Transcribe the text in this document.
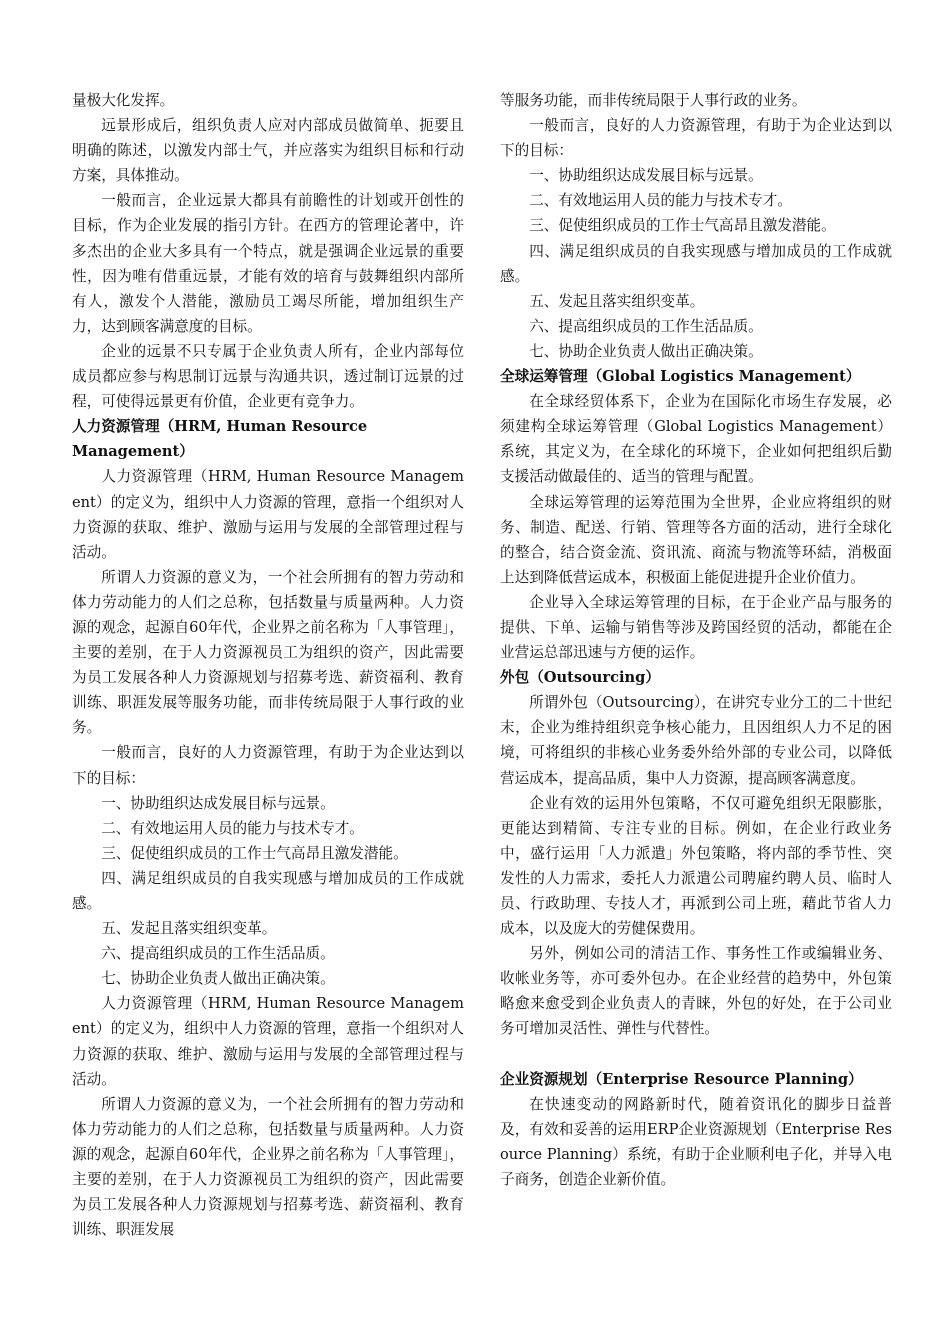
量极大化发挥。

远景形成后，组织负责人应对内部成员做简单、扼要且明确的陈述，以激发内部士气，并应落实为组织目标和行动方案，具体推动。

一般而言，企业远景大都具有前瞻性的计划或开创性的目标，作为企业发展的指引方针。在西方的管理论著中，许多杰出的企业大多具有一个特点，就是强调企业远景的重要性，因为唯有借重远景，才能有效的培育与鼓舞组织内部所有人，激发个人潜能，激励员工竭尽所能，增加组织生产力，达到顾客满意度的目标。

企业的远景不只专属于企业负责人所有，企业内部每位成员都应参与构思制订远景与沟通共识，透过制订远景的过程，可使得远景更有价值，企业更有竞争力。

人力资源管理（HRM, Human Resource Management）

人力资源管理（HRM, Human Resource Management）的定义为，组织中人力资源的管理，意指一个组织对人力资源的获取、维护、激励与运用与发展的全部管理过程与活动。

所谓人力资源的意义为，一个社会所拥有的智力劳动和体力劳动能力的人们之总称，包括数量与质量两种。人力资源的观念，起源自60年代，企业界之前名称为「人事管理」，主要的差别，在于人力资源视员工为组织的资产，因此需要为员工发展各种人力资源规划与招募考选、薪资福利、教育训练、职涯发展等服务功能，而非传统局限于人事行政的业务。

一般而言，良好的人力资源管理，有助于为企业达到以下的目标：

一、协助组织达成发展目标与远景。

二、有效地运用人员的能力与技术专才。

三、促使组织成员的工作士气高昂且激发潜能。

四、满足组织成员的自我实现感与增加成员的工作成就感。

五、发起且落实组织变革。

六、提高组织成员的工作生活品质。

七、协助企业负责人做出正确决策。

人力资源管理（HRM, Human Resource Management）的定义为，组织中人力资源的管理，意指一个组织对人力资源的获取、维护、激励与运用与发展的全部管理过程与活动。

所谓人力资源的意义为，一个社会所拥有的智力劳动和体力劳动能力的人们之总称，包括数量与质量两种。人力资源的观念，起源自60年代，企业界之前名称为「人事管理」，主要的差别，在于人力资源视员工为组织的资产，因此需要为员工发展各种人力资源规划与招募考选、薪资福利、教育训练、职涯发展

等服务功能，而非传统局限于人事行政的业务。

一般而言，良好的人力资源管理，有助于为企业达到以下的目标：

一、协助组织达成发展目标与远景。

二、有效地运用人员的能力与技术专才。

三、促使组织成员的工作士气高昂且激发潜能。

四、满足组织成员的自我实现感与增加成员的工作成就感。

五、发起且落实组织变革。

六、提高组织成员的工作生活品质。

七、协助企业负责人做出正确决策。

全球运筹管理（Global Logistics Management）

在全球经贸体系下，企业为在国际化市场生存发展，必须建构全球运筹管理（Global Logistics Management）系统，其定义为，在全球化的环境下，企业如何把组织后勤支援活动做最佳的、适当的管理与配置。

全球运筹管理的运筹范围为全世界，企业应将组织的财务、制造、配送、行销、管理等各方面的活动，进行全球化的整合，结合资金流、资讯流、商流与物流等环結，消极面上达到降低营运成本，积极面上能促进提升企业价值力。

企业导入全球运筹管理的目标，在于企业产品与服务的提供、下单、运输与销售等涉及跨国经贸的活动，都能在企业营运总部迅速与方便的运作。

外包（Outsourcing）

所谓外包（Outsourcing），在讲究专业分工的二十世纪末，企业为维持组织竞争核心能力，且因组织人力不足的困境，可将组织的非核心业务委外给外部的专业公司，以降低营运成本，提高品质，集中人力资源，提高顾客满意度。

企业有效的运用外包策略，不仅可避免组织无限膨胀，更能达到精简、专注专业的目标。例如，在企业行政业务中，盛行运用「人力派遣」外包策略，将内部的季节性、突发性的人力需求，委托人力派遣公司聘雇约聘人员、临时人员、行政助理、专技人才，再派到公司上班，藉此节省人力成本，以及庞大的劳健保费用。

另外，例如公司的清洁工作、事务性工作或编辑业务、收帐业务等，亦可委外包办。在企业经营的趋势中，外包策略愈来愈受到企业负责人的青睐，外包的好处，在于公司业务可增加灵活性、弹性与代替性。

企业资源规划（Enterprise Resource Planning）

在快速变动的网路新时代，随着资讯化的脚步日益普及，有效和妥善的运用ERP企业资源规划（Enterprise Resource Planning）系统，有助于企业顺利电子化，并导入电子商务，创造企业新价值。
